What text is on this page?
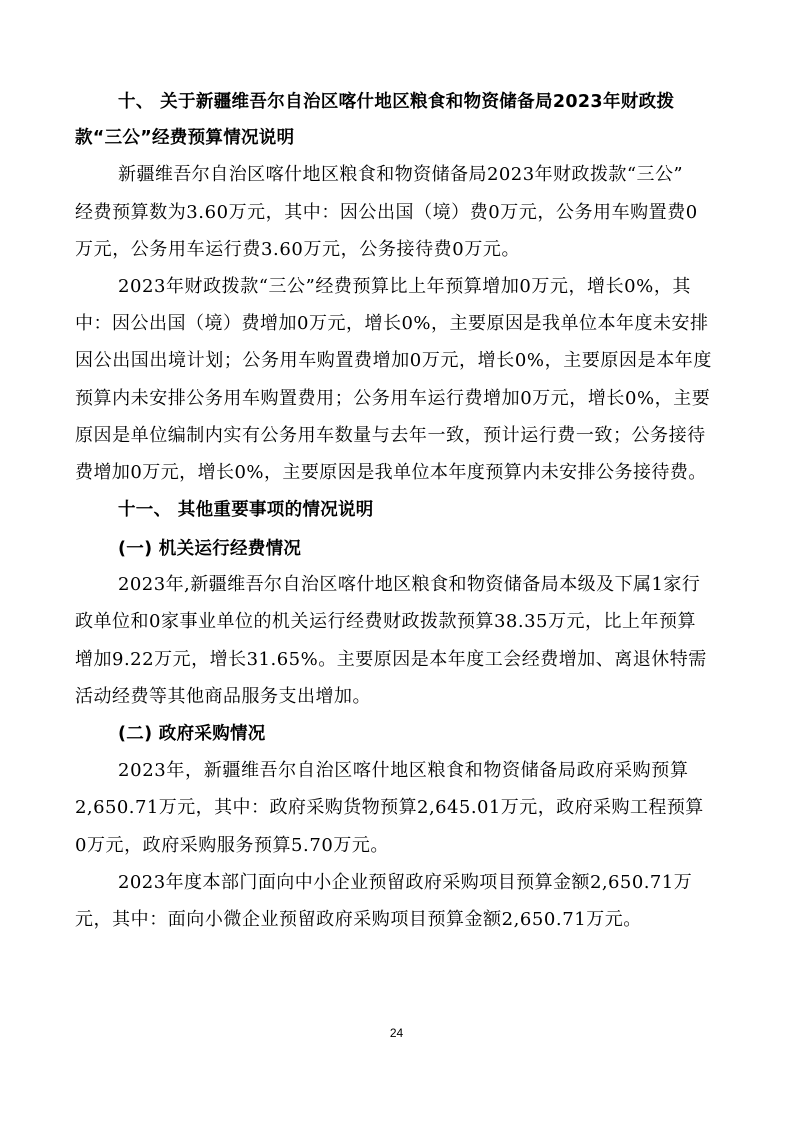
十、 关于新疆维吾尔自治区喀什地区粮食和物资储备局2023年财政拨
款“三公”经费预算情况说明
新疆维吾尔自治区喀什地区粮食和物资储备局2023年财政拨款“三公”
经费预算数为3.60万元，其中：因公出国（境）费0万元，公务用车购置费0
万元，公务用车运行费3.60万元，公务接待费0万元。
2023年财政拨款“三公”经费预算比上年预算增加0万元，增长0%，其
中：因公出国（境）费增加0万元，增长0%，主要原因是我单位本年度未安排
因公出国出境计划；公务用车购置费增加0万元，增长0%，主要原因是本年度
预算内未安排公务用车购置费用；公务用车运行费增加0万元，增长0%，主要
原因是单位编制内实有公务用车数量与去年一致，预计运行费一致；公务接待
费增加0万元，增长0%，主要原因是我单位本年度预算内未安排公务接待费。
十一、 其他重要事项的情况说明
(一) 机关运行经费情况
2023年,新疆维吾尔自治区喀什地区粮食和物资储备局本级及下属1家行
政单位和0家事业单位的机关运行经费财政拨款预算38.35万元，比上年预算
增加9.22万元，增长31.65%。主要原因是本年度工会经费增加、离退休特需
活动经费等其他商品服务支出增加。
(二) 政府采购情况
2023年，新疆维吾尔自治区喀什地区粮食和物资储备局政府采购预算
2,650.71万元，其中：政府采购货物预算2,645.01万元，政府采购工程预算
0万元，政府采购服务预算5.70万元。
2023年度本部门面向中小企业预留政府采购项目预算金额2,650.71万
元，其中：面向小微企业预留政府采购项目预算金额2,650.71万元。
24
